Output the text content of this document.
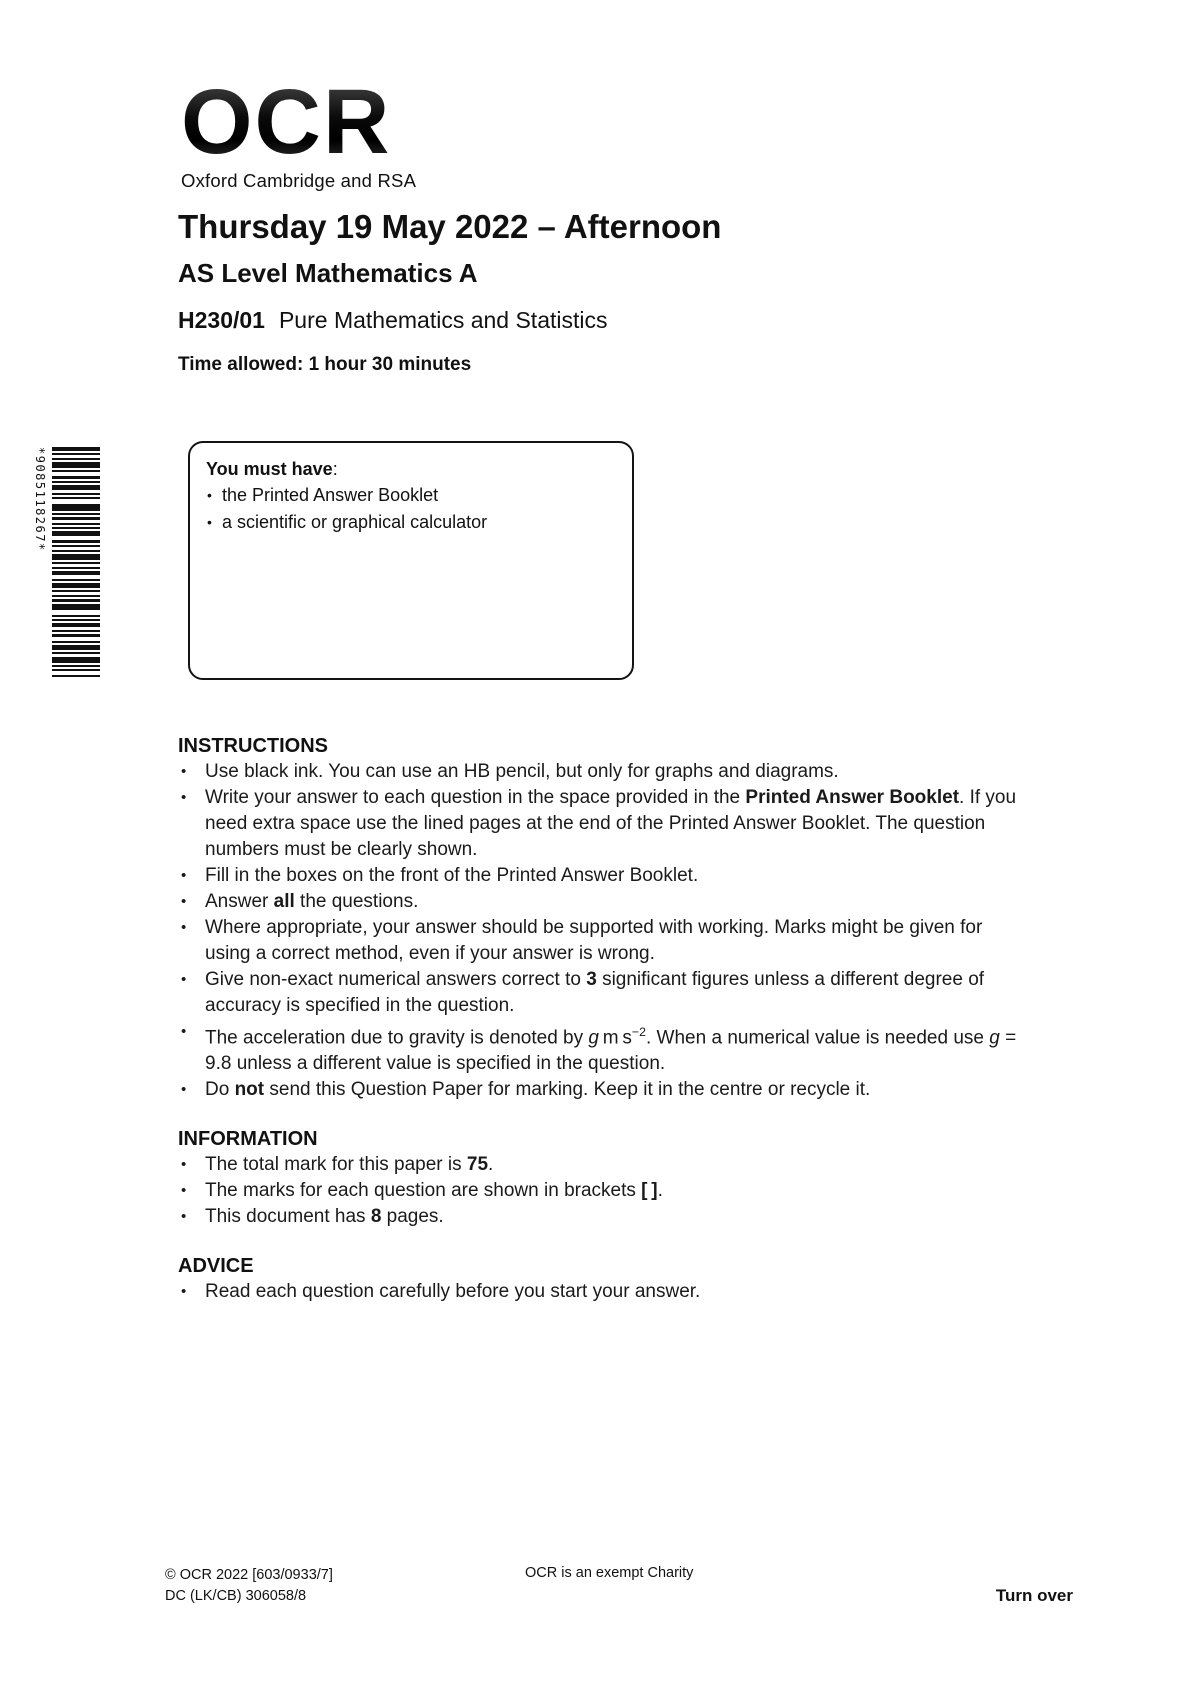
OCR
Oxford Cambridge and RSA
Thursday 19 May 2022 – Afternoon
AS Level Mathematics A
H230/01 Pure Mathematics and Statistics
Time allowed: 1 hour 30 minutes
*9085118267*	You must have:
• the Printed Answer Booklet
• a scientific or graphical calculator
INSTRUCTIONS
• Use black ink. You can use an HB pencil, but only for graphs and diagrams.
• Write your answer to each question in the space provided in the Printed Answer Booklet. If you need extra space use the lined pages at the end of the Printed Answer Booklet. The question numbers must be clearly shown.
• Fill in the boxes on the front of the Printed Answer Booklet.
• Answer all the questions.
• Where appropriate, your answer should be supported with working. Marks might be given for using a correct method, even if your answer is wrong.
• Give non-exact numerical answers correct to 3 significant figures unless a different degree of accuracy is specified in the question.
• The acceleration due to gravity is denoted by g m $s^{-2}$. When a numerical value is needed use g = 9.8 unless a different value is specified in the question.
• Do not send this Question Paper for marking. Keep it in the centre or recycle it.
INFORMATION
• The total mark for this paper is 75.
• The marks for each question are shown in brackets [ ].
• This document has 8 pages.
ADVICE
• Read each question carefully before you start your answer.
© OCR 2022 [603/0933/7]
DC (LK/CB) 306058/8
OCR is an exempt Charity
Turn over
